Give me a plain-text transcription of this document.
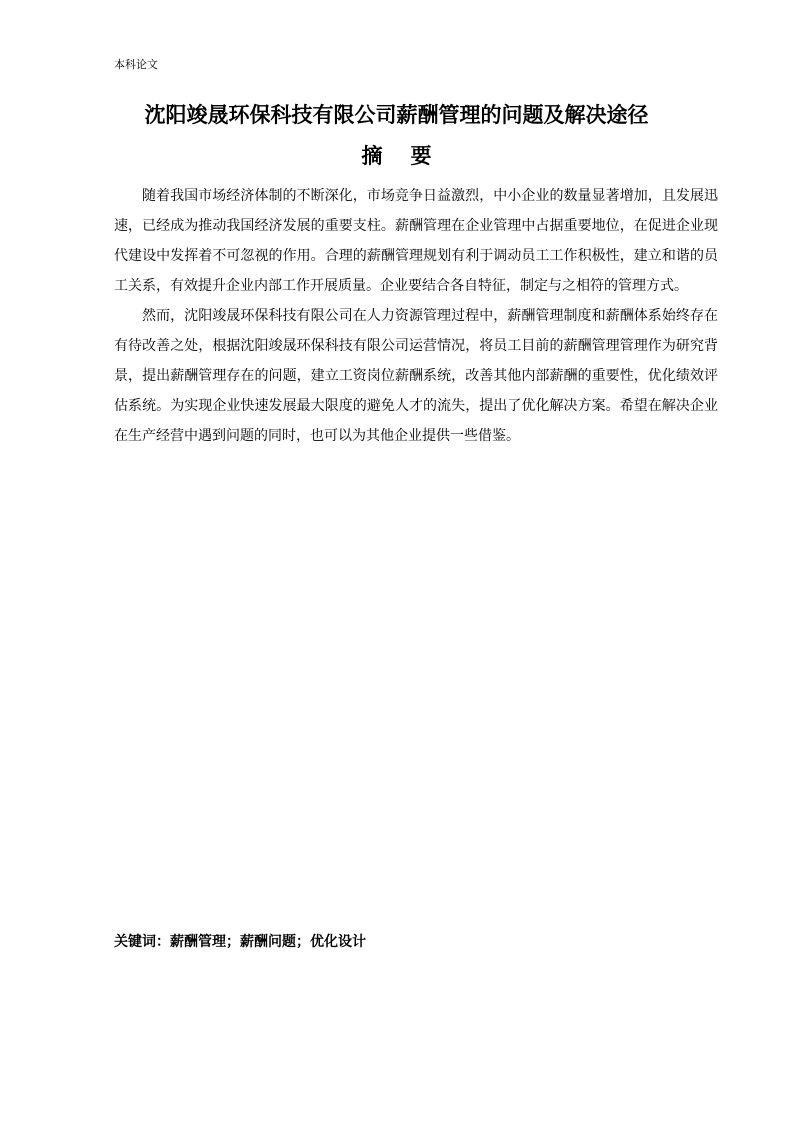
本科论文
沈阳竣晟环保科技有限公司薪酬管理的问题及解决途径
摘要

随着我国市场经济体制的不断深化，市场竞争日益激烈，中小企业的数量显著增加，且发展迅速，已经成为推动我国经济发展的重要支柱。薪酬管理在企业管理中占据重要地位，在促进企业现代建设中发挥着不可忽视的作用。合理的薪酬管理规划有利于调动员工工作积极性，建立和谐的员工关系，有效提升企业内部工作开展质量。企业要结合各自特征，制定与之相符的管理方式。

然而，沈阳竣晟环保科技有限公司在人力资源管理过程中，薪酬管理制度和薪酬体系始终存在有待改善之处，根据沈阳竣晟环保科技有限公司运营情况，将员工目前的薪酬管理管理作为研究背景，提出薪酬管理存在的问题，建立工资岗位薪酬系统，改善其他内部薪酬的重要性，优化绩效评估系统。为实现企业快速发展最大限度的避免人才的流失，提出了优化解决方案。希望在解决企业在生产经营中遇到问题的同时，也可以为其他企业提供一些借鉴。

关键词：薪酬管理；薪酬问题；优化设计
